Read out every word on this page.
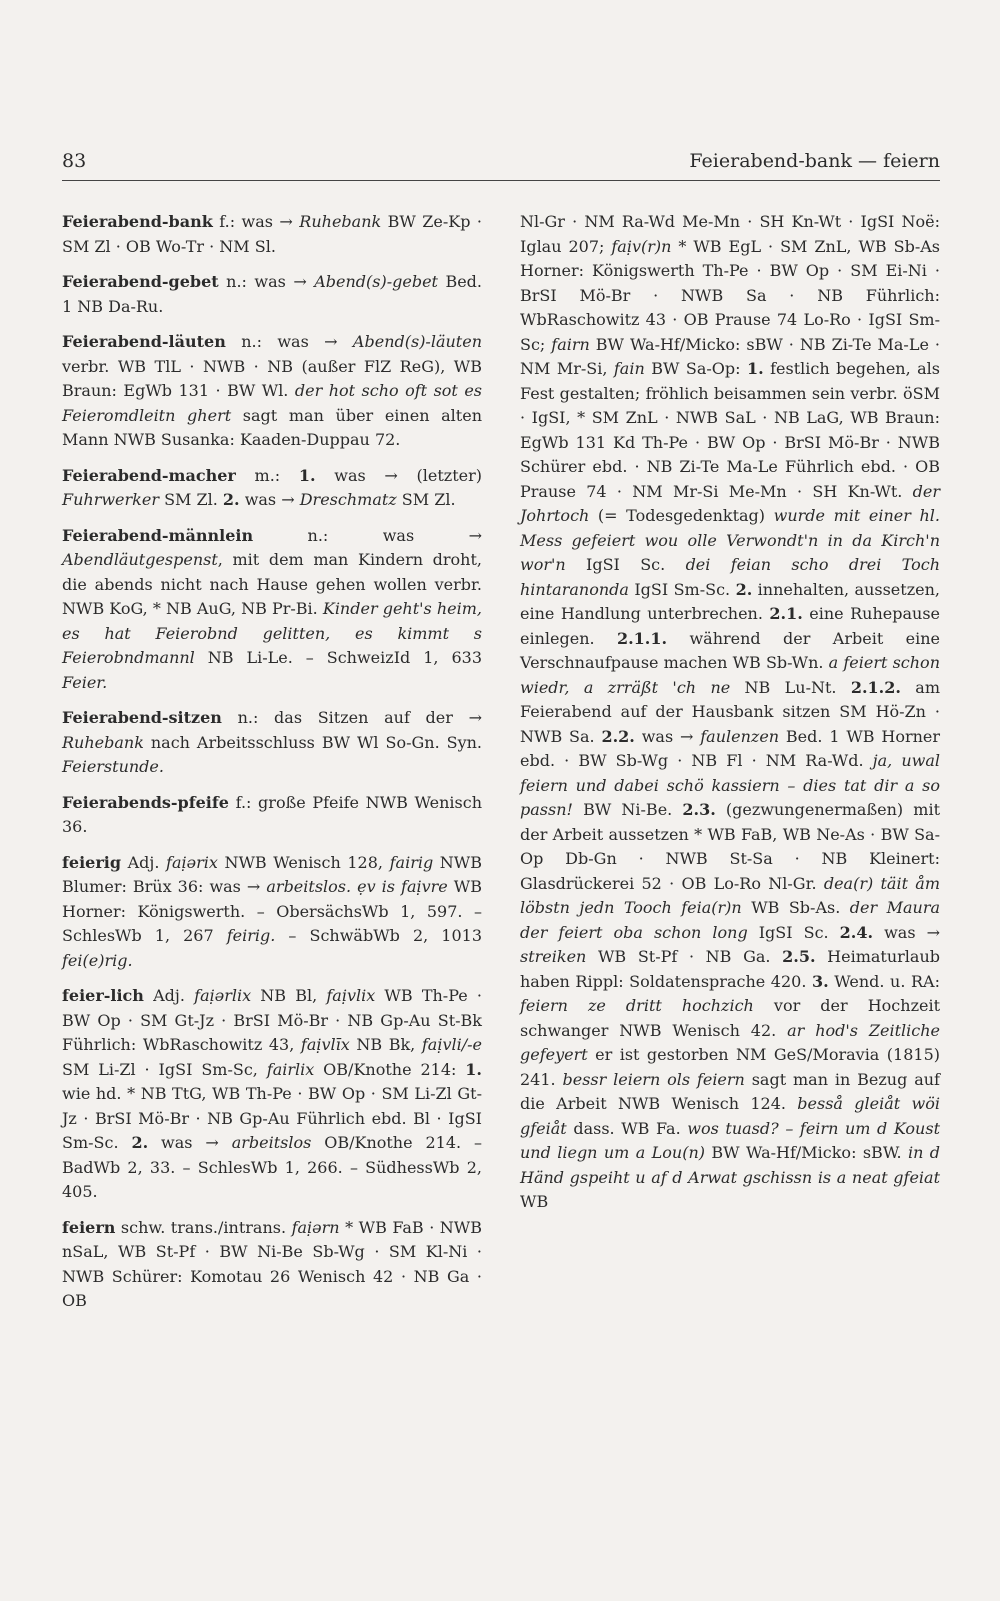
83	Feierabend-bank — feiern

Feierabend-bank f.: was → Ruhebank BW Ze-Kp · SM Zl · OB Wo-Tr · NM Sl.

Feierabend-gebet n.: was → Abend(s)-gebet Bed. 1 NB Da-Ru.

Feierabend-läuten n.: was → Abend(s)-läuten verbr. WB TlL · NWB · NB (außer FlZ ReG), WB Braun: EgWb 131 · BW Wl. der hot scho oft sot es Feieromdleitn ghert sagt man über einen alten Mann NWB Susanka: Kaaden-Duppau 72.

Feierabend-macher m.: 1. was → (letzter) Fuhrwerker SM Zl. 2. was → Dreschmatz SM Zl.

Feierabend-männlein n.: was → Abendläutgespenst, mit dem man Kindern droht, die abends nicht nach Hause gehen wollen verbr. NWB KoG, * NB AuG, NB Pr-Bi. Kinder geht's heim, es hat Feierobnd gelitten, es kimmt s Feierobndmannl NB Li-Le. – SchweizId 1, 633 Feier.

Feierabend-sitzen n.: das Sitzen auf der → Ruhebank nach Arbeitsschluss BW Wl So-Gn. Syn. Feierstunde.

Feierabends-pfeife f.: große Pfeife NWB Wenisch 36.

feierig Adj. faịərix NWB Wenisch 128, fairig NWB Blumer: Brüx 36: was → arbeitslos. ẹv is faịvre WB Horner: Königswerth. – ObersächsWb 1, 597. – SchlesWb 1, 267 feirig. – SchwäbWb 2, 1013 fei(e)rig.

feier-lich Adj. faịərlix NB Bl, faịvlix WB Th-Pe · BW Op · SM Gt-Jz · BrSI Mö-Br · NB Gp-Au St-Bk Führlich: WbRaschowitz 43, faịvlīx NB Bk, faịvli/-e SM Li-Zl · IgSI Sm-Sc, fairlix OB/Knothe 214: 1. wie hd. * NB TtG, WB Th-Pe · BW Op · SM Li-Zl Gt-Jz · BrSI Mö-Br · NB Gp-Au Führlich ebd. Bl · IgSI Sm-Sc. 2. was → arbeitslos OB/Knothe 214. – BadWb 2, 33. – SchlesWb 1, 266. – SüdhessWb 2, 405.

feiern schw. trans./intrans. faịərn * WB FaB · NWB nSaL, WB St-Pf · BW Ni-Be Sb-Wg · SM Kl-Ni · NWB Schürer: Komotau 26 Wenisch 42 · NB Ga · OB

Nl-Gr · NM Ra-Wd Me-Mn · SH Kn-Wt · IgSI Noë: Iglau 207; faịv(r)n * WB EgL · SM ZnL, WB Sb-As Horner: Königswerth Th-Pe · BW Op · SM Ei-Ni · BrSI Mö-Br · NWB Sa · NB Führlich: WbRaschowitz 43 · OB Prause 74 Lo-Ro · IgSI Sm-Sc; fairn BW Wa-Hf/Micko: sBW · NB Zi-Te Ma-Le · NM Mr-Si, fain BW Sa-Op: 1. festlich begehen, als Fest gestalten; fröhlich beisammen sein verbr. öSM · IgSI, * SM ZnL · NWB SaL · NB LaG, WB Braun: EgWb 131 Kd Th-Pe · BW Op · BrSI Mö-Br · NWB Schürer ebd. · NB Zi-Te Ma-Le Führlich ebd. · OB Prause 74 · NM Mr-Si Me-Mn · SH Kn-Wt. der Johrtoch (= Todesgedenktag) wurde mit einer hl. Mess gefeiert wou olle Verwondt'n in da Kirch'n wor'n IgSI Sc. dei feian scho drei Toch hintaranonda IgSI Sm-Sc. 2. innehalten, aussetzen, eine Handlung unterbrechen. 2.1. eine Ruhepause einlegen. 2.1.1. während der Arbeit eine Verschnaufpause machen WB Sb-Wn. a feiert schon wiedr, a zrräßt 'ch ne NB Lu-Nt. 2.1.2. am Feierabend auf der Hausbank sitzen SM Hö-Zn · NWB Sa. 2.2. was → faulenzen Bed. 1 WB Horner ebd. · BW Sb-Wg · NB Fl · NM Ra-Wd. ja, uwal feiern und dabei schö kassiern – dies tat dir a so passn! BW Ni-Be. 2.3. (gezwungenermaßen) mit der Arbeit aussetzen * WB FaB, WB Ne-As · BW Sa-Op Db-Gn · NWB St-Sa · NB Kleinert: Glasdrückerei 52 · OB Lo-Ro Nl-Gr. dea(r) täit åm löbstn jedn Tooch feia(r)n WB Sb-As. der Maura der feiert oba schon long IgSI Sc. 2.4. was → streiken WB St-Pf · NB Ga. 2.5. Heimaturlaub haben Rippl: Soldatensprache 420. 3. Wend. u. RA: feiern ze dritt hochzich vor der Hochzeit schwanger NWB Wenisch 42. ar hod's Zeitliche gefeyert er ist gestorben NM GeS/Moravia (1815) 241. bessr leiern ols feiern sagt man in Bezug auf die Arbeit NWB Wenisch 124. besså gleiåt wöi gfeiåt dass. WB Fa. wos tuasd? – feirn um d Koust und liegn um a Lou(n) BW Wa-Hf/Micko: sBW. in d Händ gspeiht u af d Arwat gschissn is a neat gfeiat WB
